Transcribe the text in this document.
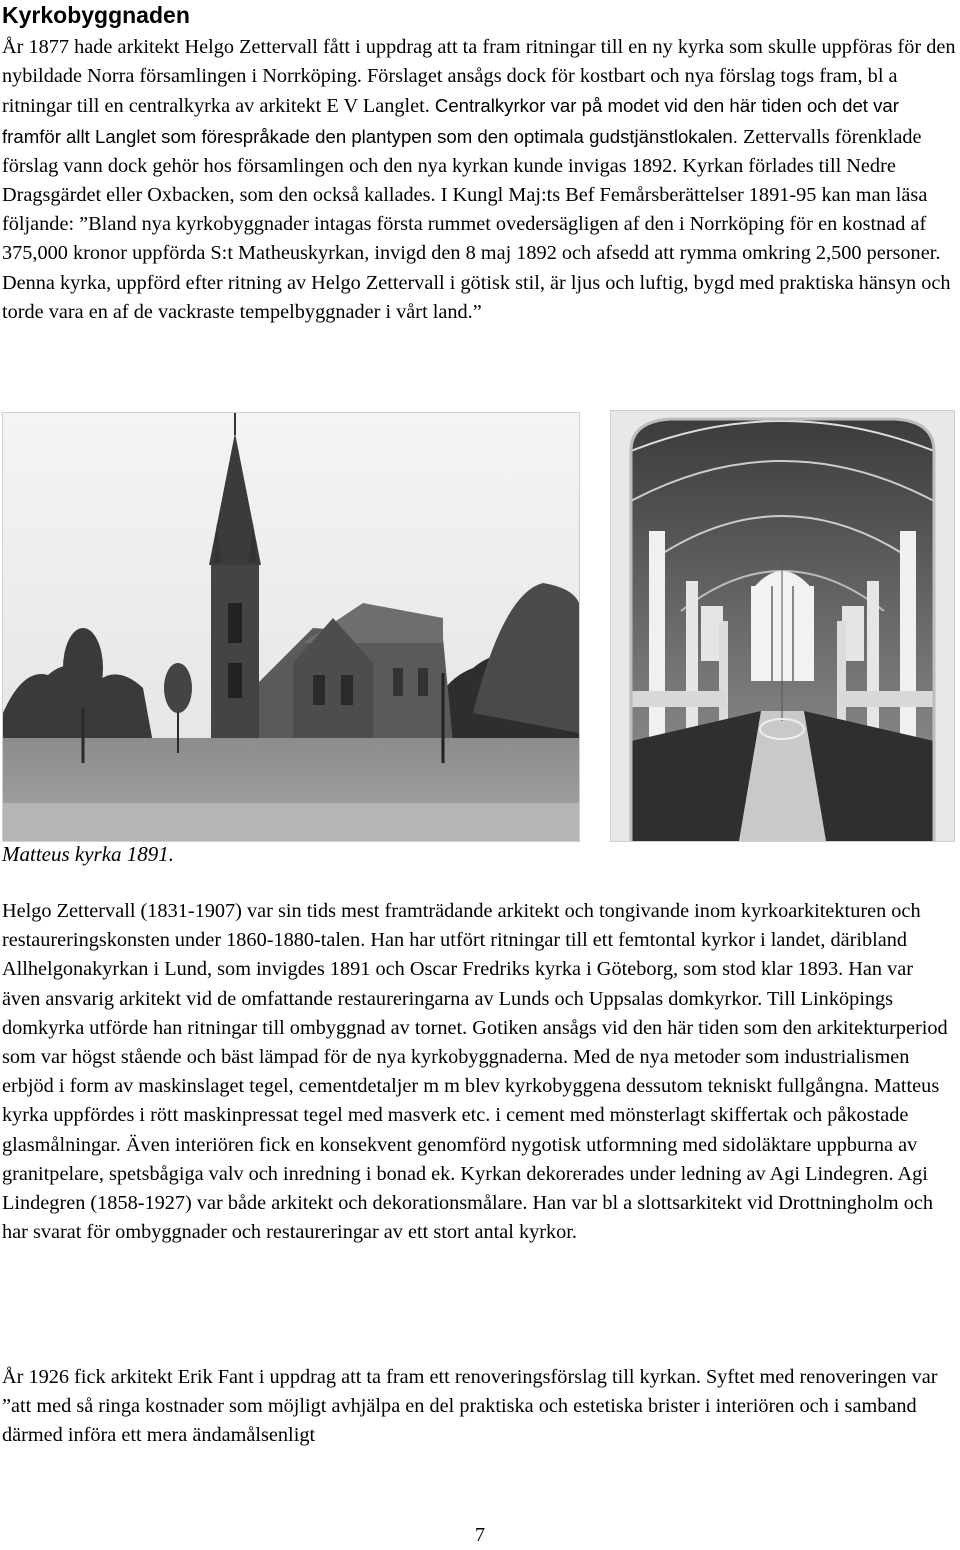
Kyrkobyggnaden
År 1877 hade arkitekt Helgo Zettervall fått i uppdrag att ta fram ritningar till en ny kyrka som skulle uppföras för den nybildade Norra församlingen i Norrköping. Förslaget ansågs dock för kostbart och nya förslag togs fram, bl a ritningar till en centralkyrka av arkitekt E V Langlet. Centralkyrkor var på modet vid den här tiden och det var framför allt Langlet som förespråkade den plantypen som den optimala gudstjänstlokalen. Zettervalls förenklade förslag vann dock gehör hos församlingen och den nya kyrkan kunde invigas 1892. Kyrkan förlades till Nedre Dragsgärdet eller Oxbacken, som den också kallades. I Kungl Maj:ts Bef Femårsberättelser 1891-95 kan man läsa följande: ”Bland nya kyrkobyggnader intagas första rummet ovedersägligen af den i Norrköping för en kostnad af 375,000 kronor uppförda S:t Matheuskyrkan, invigd den 8 maj 1892 och afsedd att rymma omkring 2,500 personer. Denna kyrka, uppförd efter ritning av Helgo Zettervall i götisk stil, är ljus och luftig, bygd med praktiska hänsyn och torde vara en af de vackraste tempelbyggnader i vårt land.”
Matteus kyrka 1891.
Helgo Zettervall (1831-1907) var sin tids mest framträdande arkitekt och tongivande inom kyrkoarkitekturen och restaureringskonsten under 1860-1880-talen. Han har utfört ritningar till ett femtontal kyrkor i landet, däribland Allhelgonakyrkan i Lund, som invigdes 1891 och Oscar Fredriks kyrka i Göteborg, som stod klar 1893. Han var även ansvarig arkitekt vid de omfattande restaureringarna av Lunds och Uppsalas domkyrkor. Till Linköpings domkyrka utförde han ritningar till ombyggnad av tornet. Gotiken ansågs vid den här tiden som den arkitekturperiod som var högst stående och bäst lämpad för de nya kyrkobyggnaderna. Med de nya metoder som industrialismen erbjöd i form av maskinslaget tegel, cementdetaljer m m blev kyrkobyggena dessutom tekniskt fullgångna. Matteus kyrka uppfördes i rött maskinpressat tegel med masverk etc. i cement med mönsterlagt skiffertak och påkostade glasmålningar. Även interiören fick en konsekvent genomförd nygotisk utformning med sidoläktare uppburna av granitpelare, spetsbågiga valv och inredning i bonad ek. Kyrkan dekorerades under ledning av Agi Lindegren. Agi Lindegren (1858-1927) var både arkitekt och dekorationsmålare. Han var bl a slottsarkitekt vid Drottningholm och har svarat för ombyggnader och restaureringar av ett stort antal kyrkor.
År 1926 fick arkitekt Erik Fant i uppdrag att ta fram ett renoveringsförslag till kyrkan. Syftet med renoveringen var ”att med så ringa kostnader som möjligt avhjälpa en del praktiska och estetiska brister i interiören och i samband därmed införa ett mera ändamålsenligt
7
